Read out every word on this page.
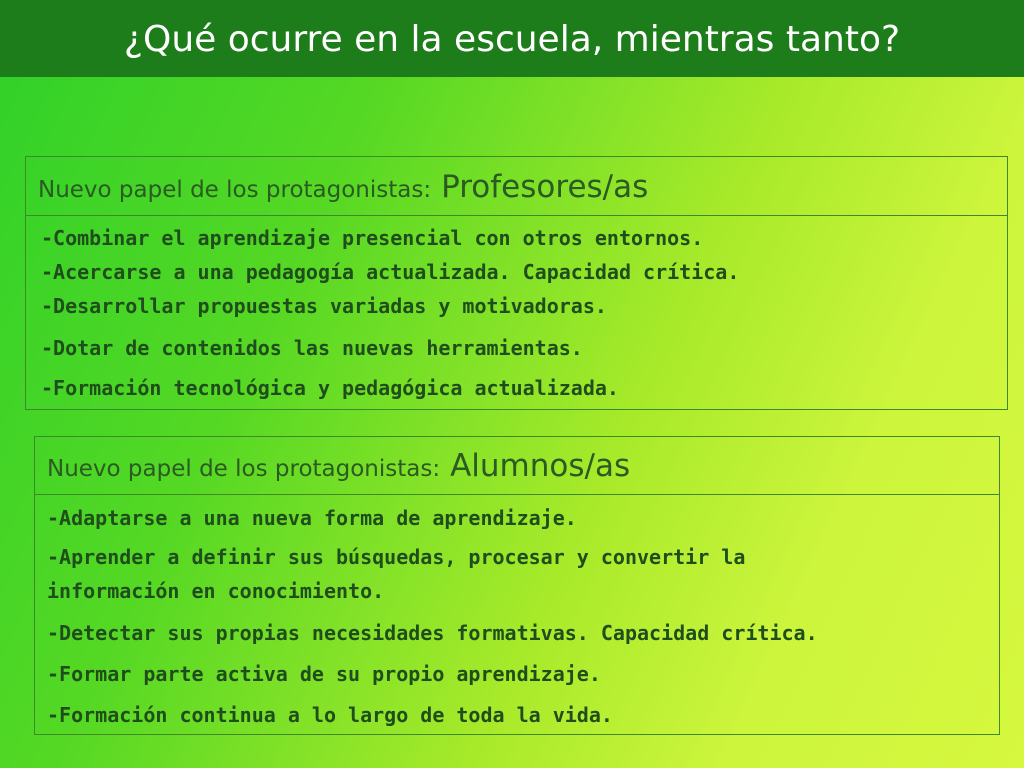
¿Qué ocurre en la escuela, mientras tanto?
Nuevo papel de los protagonistas: Profesores/as
-Combinar el aprendizaje presencial con otros entornos.
-Acercarse a una pedagogía actualizada. Capacidad crítica.
-Desarrollar propuestas variadas y motivadoras.
-Dotar de contenidos las nuevas herramientas.
-Formación tecnológica y pedagógica actualizada.
Nuevo papel de los protagonistas: Alumnos/as
-Adaptarse a una nueva forma de aprendizaje.
-Aprender a definir sus búsquedas, procesar y convertir la
información en conocimiento.
-Detectar sus propias necesidades formativas. Capacidad crítica.
-Formar parte activa de su propio aprendizaje.
-Formación continua a lo largo de toda la vida.
